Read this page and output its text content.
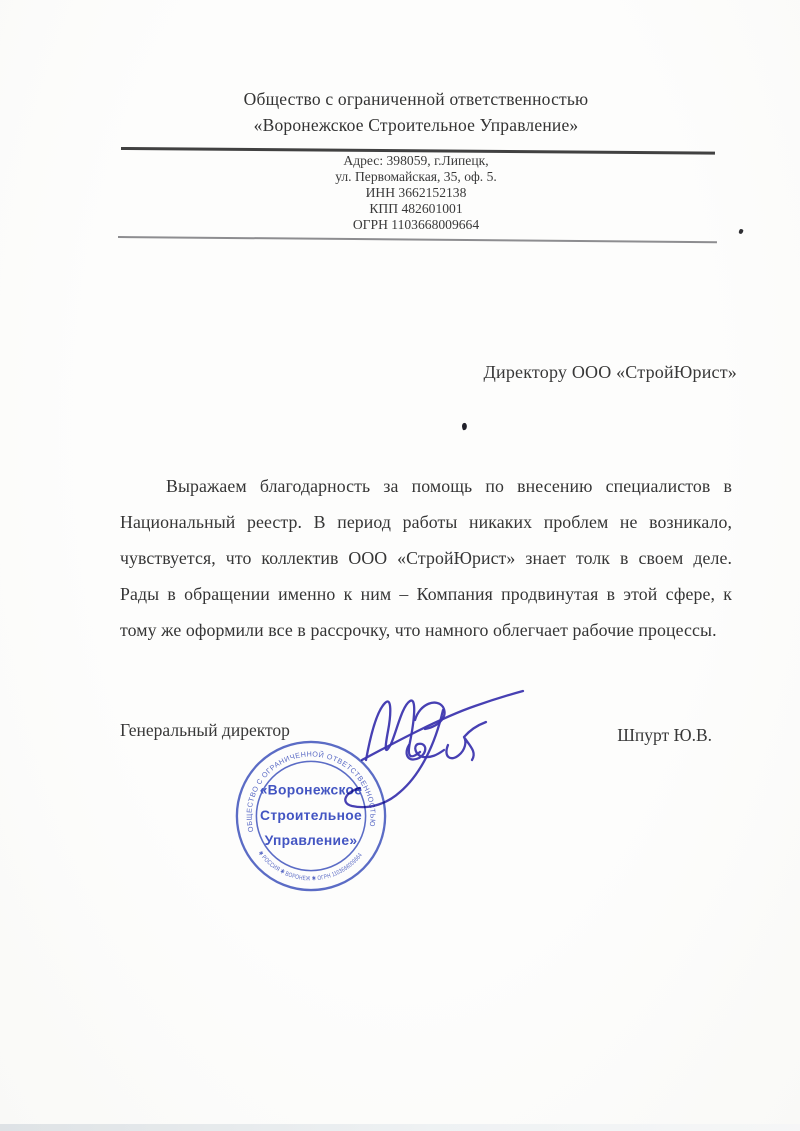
Общество с ограниченной ответственностью
«Воронежское Строительное Управление»
Адрес: 398059, г.Липецк,
ул. Первомайская, 35, оф. 5.
ИНН 3662152138
КПП 482601001
ОГРН 1103668009664
Директору ООО «СтройЮрист»
Выражаем благодарность за помощь по внесению специалистов в
Национальный реестр. В период работы никаких проблем не возникало,
чувствуется, что коллектив ООО «СтройЮрист» знает толк в своем деле.
Рады в обращении именно к ним – Компания продвинутая в этой сфере, к
тому же оформили все в рассрочку, что намного облегчает рабочие процессы.
Генеральный директор	Шпурт Ю.В.
ОБЩЕСТВО С ОГРАНИЧЕННОЙ ОТВЕТСТВЕННОСТЬЮ
✱ РОССИЯ ✱ ВОРОНЕЖ ✱ ОГРН 1103668009664
«Воронежское
Строительное
Управление»
